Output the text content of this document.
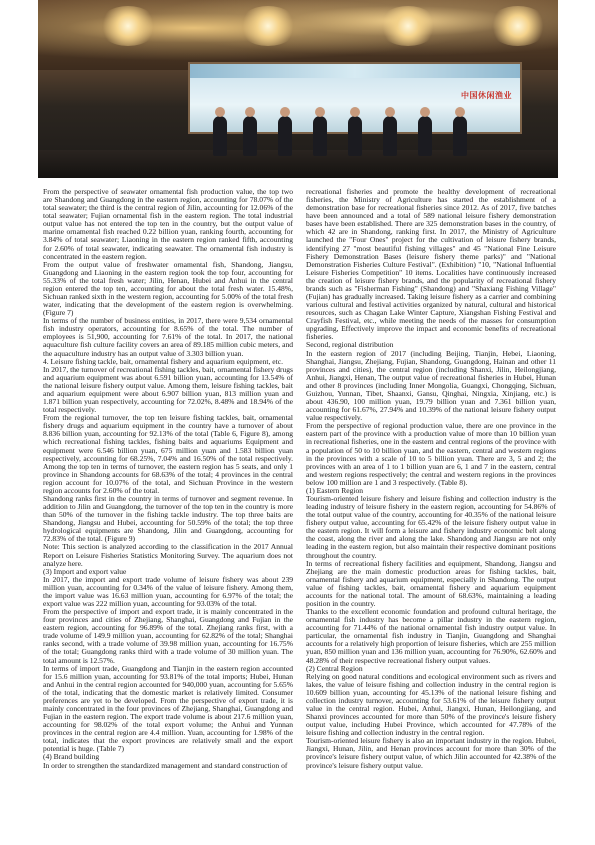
中国休闲渔业

From the perspective of seawater ornamental fish production value, the top two are Shandong and Guangdong in the eastern region, accounting for 78.07% of the total seawater; the third is the central region of Jilin, accounting for 12.06% of the total seawater; Fujian ornamental fish in the eastern region. The total industrial output value has not entered the top ten in the country, but the output value of marine ornamental fish reached 0.22 billion yuan, ranking fourth, accounting for 3.84% of total seawater; Liaoning in the eastern region ranked fifth, accounting for 2.60% of total seawater, indicating seawater. The ornamental fish industry is concentrated in the eastern region.

From the output value of freshwater ornamental fish, Shandong, Jiangsu, Guangdong and Liaoning in the eastern region took the top four, accounting for 55.33% of the total fresh water; Jilin, Henan, Hubei and Anhui in the central region entered the top ten, accounting for about the total fresh water. 15.48%, Sichuan ranked sixth in the western region, accounting for 5.00% of the total fresh water, indicating that the development of the eastern region is overwhelming. (Figure 7)

In terms of the number of business entities, in 2017, there were 9,534 ornamental fish industry operators, accounting for 8.65% of the total. The number of employees is 51,900, accounting for 7.61% of the total. In 2017, the national aquaculture fish culture facility covers an area of 89.185 million cubic meters, and the aquaculture industry has an output value of 3.303 billion yuan.

4. Leisure fishing tackle, bait, ornamental fishery and aquarium equipment, etc.

In 2017, the turnover of recreational fishing tackles, bait, ornamental fishery drugs and aquarium equipment was about 6.591 billion yuan, accounting for 13.54% of the national leisure fishery output value. Among them, leisure fishing tackles, bait and aquarium equipment were about 6.907 billion yuan, 813 million yuan and 1.871 billion yuan respectively, accounting for 72.02%, 8.48% and 18.94% of the total respectively.

From the regional turnover, the top ten leisure fishing tackles, bait, ornamental fishery drugs and aquarium equipment in the country have a turnover of about 8.836 billion yuan, accounting for 92.13% of the total (Table 6, Figure 8), among which recreational fishing tackles, fishing baits and aquariums Equipment and equipment were 6.546 billion yuan, 675 million yuan and 1.583 billion yuan respectively, accounting for 68.25%, 7.04% and 16.50% of the total respectively. Among the top ten in terms of turnover, the eastern region has 5 seats, and only 1 province in Shandong accounts for 68.63% of the total; 4 provinces in the central region account for 10.07% of the total, and Sichuan Province in the western region accounts for 2.60% of the total.

Shandong ranks first in the country in terms of turnover and segment revenue. In addition to Jilin and Guangdong, the turnover of the top ten in the country is more than 50% of the turnover in the fishing tackle industry. The top three baits are Shandong, Jiangsu and Hubei, accounting for 50.59% of the total; the top three hydrological equipments are Shandong, Jilin and Guangdong, accounting for 72.83% of the total. (Figure 9)

Note: This section is analyzed according to the classification in the 2017 Annual Report on Leisure Fisheries Statistics Monitoring Survey. The aquarium does not analyze here.

(3) Import and export value

In 2017, the import and export trade volume of leisure fishery was about 239 million yuan, accounting for 0.34% of the value of leisure fishery. Among them, the import value was 16.63 million yuan, accounting for 6.97% of the total; the export value was 222 million yuan, accounting for 93.03% of the total.

From the perspective of import and export trade, it is mainly concentrated in the four provinces and cities of Zhejiang, Shanghai, Guangdong and Fujian in the eastern region, accounting for 96.89% of the total. Zhejiang ranks first, with a trade volume of 149.9 million yuan, accounting for 62.82% of the total; Shanghai ranks second, with a trade volume of 39.98 million yuan, accounting for 16.75% of the total; Guangdong ranks third with a trade volume of 30 million yuan. The total amount is 12.57%.

In terms of import trade, Guangdong and Tianjin in the eastern region accounted for 15.6 million yuan, accounting for 93.81% of the total imports; Hubei, Hunan and Anhui in the central region accounted for 940,000 yuan, accounting for 5.65% of the total, indicating that the domestic market is relatively limited. Consumer preferences are yet to be developed. From the perspective of export trade, it is mainly concentrated in the four provinces of Zhejiang, Shanghai, Guangdong and Fujian in the eastern region. The export trade volume is about 217.6 million yuan, accounting for 98.02% of the total export volume; the Anhui and Yunnan provinces in the central region are 4.4 million. Yuan, accounting for 1.98% of the total, indicates that the export provinces are relatively small and the export potential is huge. (Table 7)

(4) Brand building

In order to strengthen the standardized management and standard construction of

recreational fisheries and promote the healthy development of recreational fisheries, the Ministry of Agriculture has started the establishment of a demonstration base for recreational fisheries since 2012. As of 2017, five batches have been announced and a total of 589 national leisure fishery demonstration bases have been established. There are 325 demonstration bases in the country, of which 42 are in Shandong, ranking first. In 2017, the Ministry of Agriculture launched the "Four Ones" project for the cultivation of leisure fishery brands, identifying 27 "most beautiful fishing villages" and 45 "National Fine Leisure Fishery Demonstration Bases (leisure fishery theme parks)" and "National Demonstration Fisheries Culture Festival". (Exhibition) "10, "National Influential Leisure Fisheries Competition" 10 items. Localities have continuously increased the creation of leisure fishery brands, and the popularity of recreational fishery brands such as "Fisherman Fishing" (Shandong) and "Shaxiang Fishing Village" (Fujian) has gradually increased. Taking leisure fishery as a carrier and combining various cultural and festival activities organized by natural, cultural and historical resources, such as Chagan Lake Winter Capture, Xiangshan Fishing Festival and Crayfish Festival, etc., while meeting the needs of the masses for consumption upgrading, Effectively improve the impact and economic benefits of recreational fisheries.

Second, regional distribution

In the eastern region of 2017 (including Beijing, Tianjin, Hebei, Liaoning, Shanghai, Jiangsu, Zhejiang, Fujian, Shandong, Guangdong, Hainan and other 11 provinces and cities), the central region (including Shanxi, Jilin, Heilongjiang, Anhui, Jiangxi, Henan, The output value of recreational fisheries in Hubei, Hunan and other 8 provinces (including Inner Mongolia, Guangxi, Chongqing, Sichuan, Guizhou, Yunnan, Tibet, Shaanxi, Gansu, Qinghai, Ningxia, Xinjiang, etc.) is about 436.90, 100 million yuan, 19.79 billion yuan and 7.361 billion yuan, accounting for 61.67%, 27.94% and 10.39% of the national leisure fishery output value respectively.

From the perspective of regional production value, there are one province in the eastern part of the province with a production value of more than 10 billion yuan in recreational fisheries, one in the eastern and central regions of the province with a population of 50 to 10 billion yuan, and the eastern, central and western regions in the provinces with a scale of 10 to 5 billion yuan. There are 3, 5 and 2; the provinces with an area of 1 to 1 billion yuan are 6, 1 and 7 in the eastern, central and western regions respectively; the central and western regions in the provinces below 100 million are 1 and 3 respectively. (Table 8).

(1) Eastern Region

Tourism-oriented leisure fishery and leisure fishing and collection industry is the leading industry of leisure fishery in the eastern region, accounting for 54.86% of the total output value of the country, accounting for 40.35% of the national leisure fishery output value, accounting for 65.42% of the leisure fishery output value in the eastern region. It will form a leisure and fishery industry economic belt along the coast, along the river and along the lake. Shandong and Jiangsu are not only leading in the eastern region, but also maintain their respective dominant positions throughout the country.

In terms of recreational fishery facilities and equipment, Shandong, Jiangsu and Zhejiang are the main domestic production areas for fishing tackles, bait, ornamental fishery and aquarium equipment, especially in Shandong. The output value of fishing tackles, bait, ornamental fishery and aquarium equipment accounts for the national total. The amount of 68.63%, maintaining a leading position in the country.

Thanks to the excellent economic foundation and profound cultural heritage, the ornamental fish industry has become a pillar industry in the eastern region, accounting for 71.44% of the national ornamental fish industry output value. In particular, the ornamental fish industry in Tianjin, Guangdong and Shanghai accounts for a relatively high proportion of leisure fisheries, which are 255 million yuan, 850 million yuan and 136 million yuan, accounting for 76.90%, 62.60% and 48.28% of their respective recreational fishery output values.

(2) Central Region

Relying on good natural conditions and ecological environment such as rivers and lakes, the value of leisure fishing and collection industry in the central region is 10.609 billion yuan, accounting for 45.13% of the national leisure fishing and collection industry turnover, accounting for 53.61% of the leisure fishery output value in the central region. Hubei, Anhui, Jiangxi, Hunan, Heilongjiang, and Shanxi provinces accounted for more than 50% of the province's leisure fishery output value, including Hubei Province, which accounted for 47.78% of the leisure fishing and collection industry in the central region.

Tourism-oriented leisure fishery is also an important industry in the region. Hubei, Jiangxi, Hunan, Jilin, and Henan provinces account for more than 30% of the province's leisure fishery output value, of which Jilin accounted for 42.38% of the province's leisure fishery output value.
